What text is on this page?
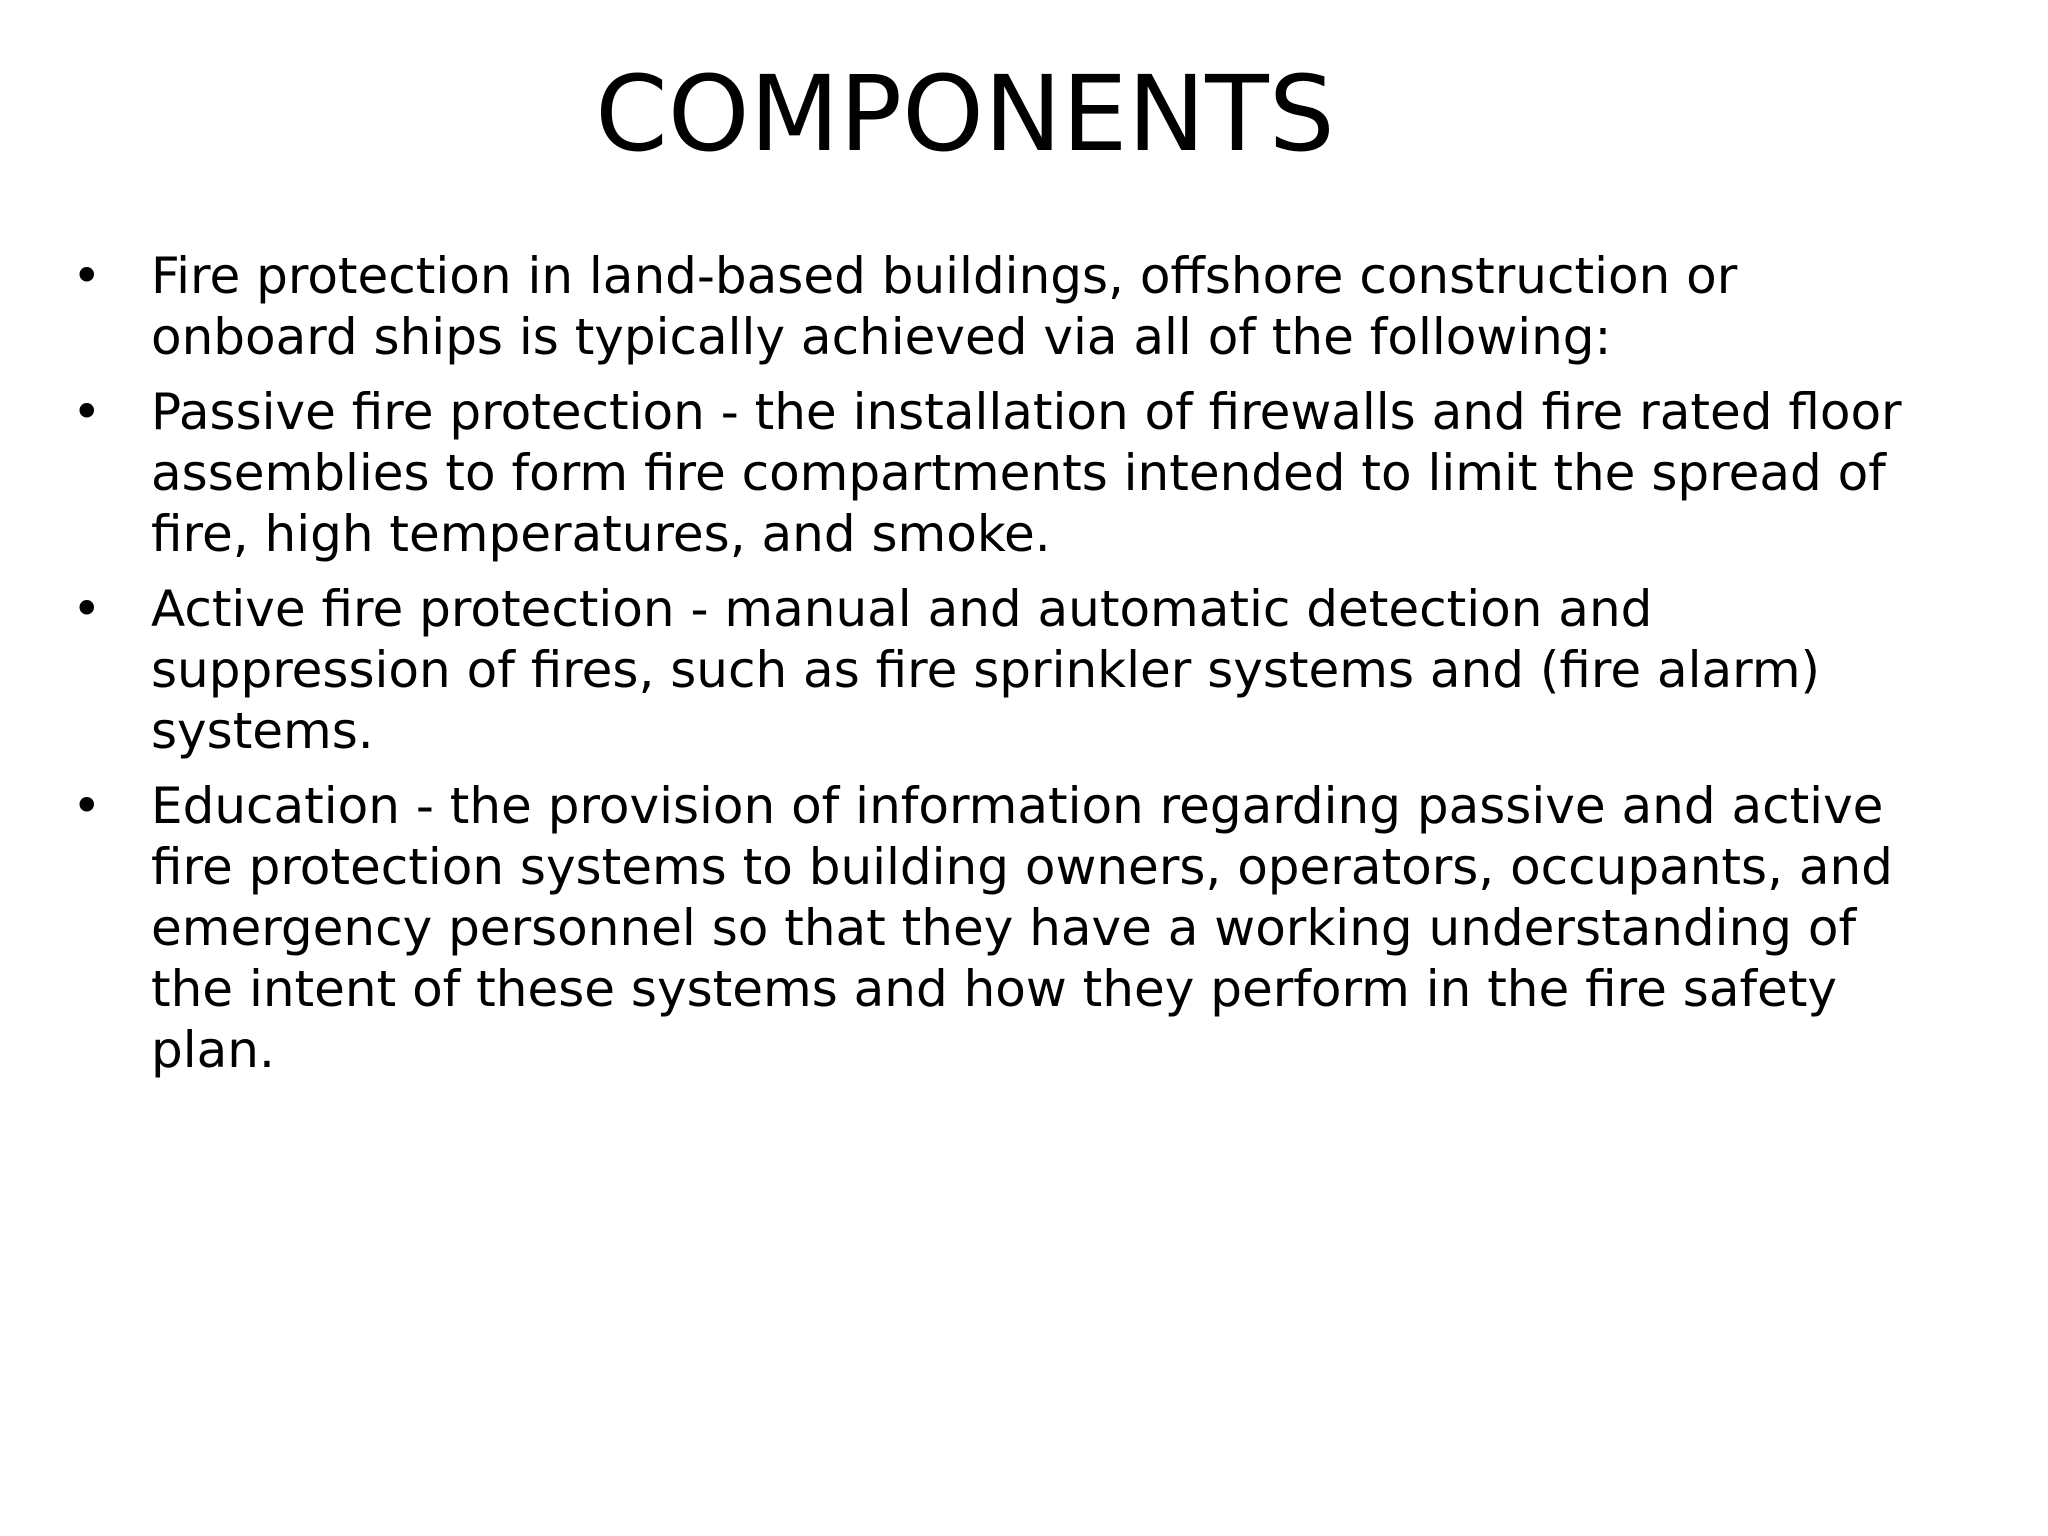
COMPONENTS
• Fire protection in land-based buildings, offshore construction or onboard ships is typically achieved via all of the following:
• Passive fire protection - the installation of firewalls and fire rated floor assemblies to form fire compartments intended to limit the spread of fire, high temperatures, and smoke.
• Active fire protection - manual and automatic detection and suppression of fires, such as fire sprinkler systems and (fire alarm) systems.
• Education - the provision of information regarding passive and active fire protection systems to building owners, operators, occupants, and emergency personnel so that they have a working understanding of the intent of these systems and how they perform in the fire safety plan.
